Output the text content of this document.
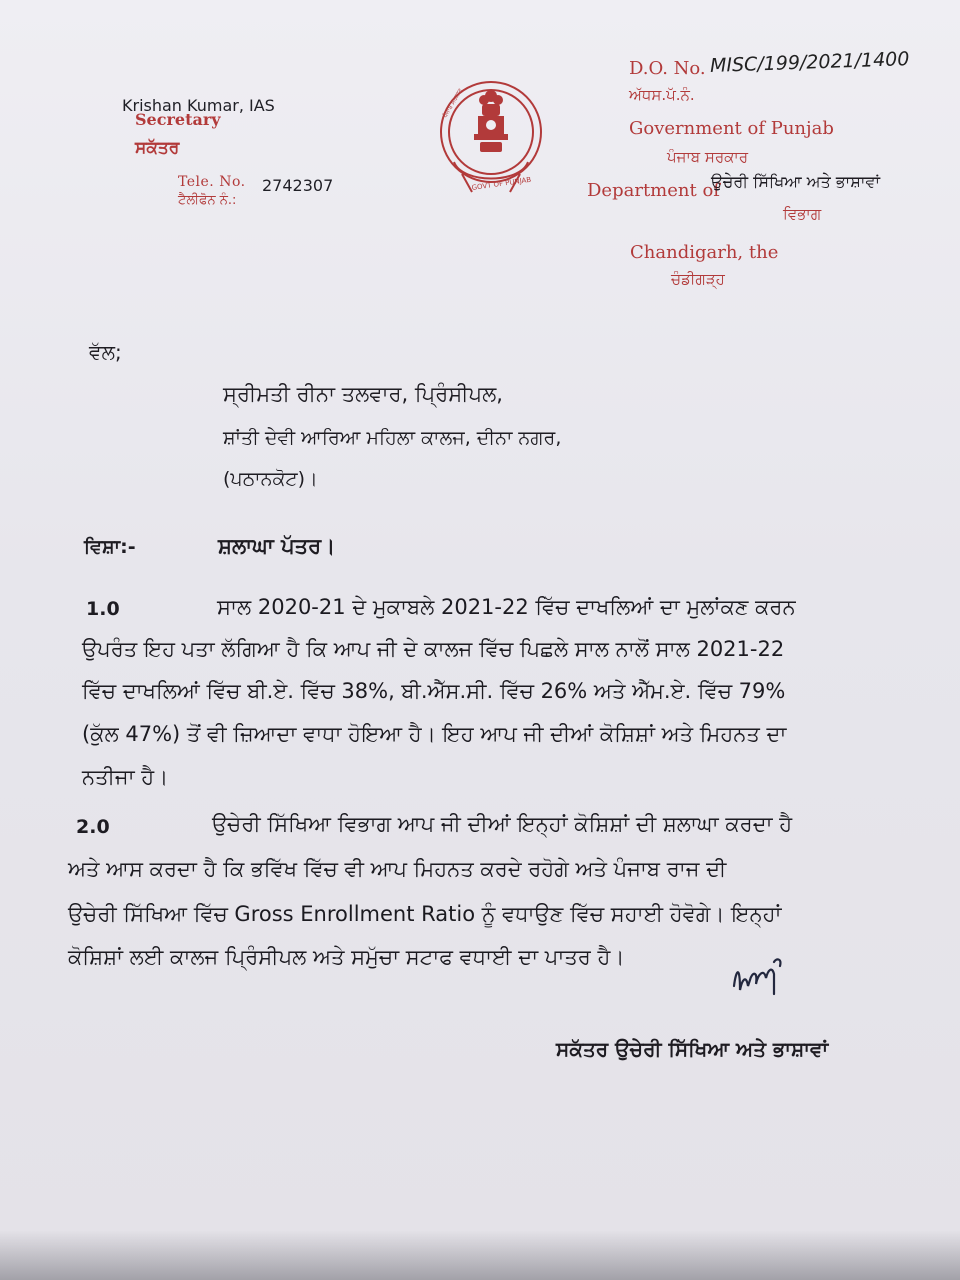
Krishan Kumar, IAS
Secretary
ਸਕੱਤਰ
Tele. No. 2742307
ਟੈਲੀਫੋਨ ਨੰ.:
ਪੰਜਾਬ ਸਰਕਾਰ
GOVT OF PUNJAB
D.O. No. MISC/199/2021/1400
ਅੱਧਸ.ਪੱ.ਨੰ.
Government of Punjab
ਪੰਜਾਬ ਸਰਕਾਰ
Department of
ਉਚੇਰੀ ਸਿੱਖਿਆ ਅਤੇ ਭਾਸ਼ਾਵਾਂ
ਵਿਭਾਗ
Chandigarh, the
ਚੰਡੀਗੜ੍ਹ
ਵੱਲ;
ਸ੍ਰੀਮਤੀ ਰੀਨਾ ਤਲਵਾਰ, ਪ੍ਰਿੰਸੀਪਲ,
ਸ਼ਾਂਤੀ ਦੇਵੀ ਆਰਿਆ ਮਹਿਲਾ ਕਾਲਜ, ਦੀਨਾ ਨਗਰ,
(ਪਠਾਨਕੋਟ)।
ਵਿਸ਼ਾ:-	ਸ਼ਲਾਘਾ ਪੱਤਰ।
1.0	ਸਾਲ 2020-21 ਦੇ ਮੁਕਾਬਲੇ 2021-22 ਵਿੱਚ ਦਾਖਲਿਆਂ ਦਾ ਮੁਲਾਂਕਣ ਕਰਨ
ਉਪਰੰਤ ਇਹ ਪਤਾ ਲੱਗਿਆ ਹੈ ਕਿ ਆਪ ਜੀ ਦੇ ਕਾਲਜ ਵਿੱਚ ਪਿਛਲੇ ਸਾਲ ਨਾਲੋਂ ਸਾਲ 2021-22
ਵਿੱਚ ਦਾਖਲਿਆਂ ਵਿੱਚ ਬੀ.ਏ. ਵਿੱਚ 38%, ਬੀ.ਐੱਸ.ਸੀ. ਵਿੱਚ 26% ਅਤੇ ਐੱਮ.ਏ. ਵਿੱਚ 79%
(ਕੁੱਲ 47%) ਤੋਂ ਵੀ ਜ਼ਿਆਦਾ ਵਾਧਾ ਹੋਇਆ ਹੈ। ਇਹ ਆਪ ਜੀ ਦੀਆਂ ਕੋਸ਼ਿਸ਼ਾਂ ਅਤੇ ਮਿਹਨਤ ਦਾ
ਨਤੀਜਾ ਹੈ।
2.0	ਉਚੇਰੀ ਸਿੱਖਿਆ ਵਿਭਾਗ ਆਪ ਜੀ ਦੀਆਂ ਇਨ੍ਹਾਂ ਕੋਸ਼ਿਸ਼ਾਂ ਦੀ ਸ਼ਲਾਘਾ ਕਰਦਾ ਹੈ
ਅਤੇ ਆਸ ਕਰਦਾ ਹੈ ਕਿ ਭਵਿੱਖ ਵਿੱਚ ਵੀ ਆਪ ਮਿਹਨਤ ਕਰਦੇ ਰਹੋਗੇ ਅਤੇ ਪੰਜਾਬ ਰਾਜ ਦੀ
ਉਚੇਰੀ ਸਿੱਖਿਆ ਵਿੱਚ Gross Enrollment Ratio ਨੂੰ ਵਧਾਉਣ ਵਿੱਚ ਸਹਾਈ ਹੋਵੋਗੇ। ਇਨ੍ਹਾਂ
ਕੋਸ਼ਿਸ਼ਾਂ ਲਈ ਕਾਲਜ ਪ੍ਰਿੰਸੀਪਲ ਅਤੇ ਸਮੁੱਚਾ ਸਟਾਫ ਵਧਾਈ ਦਾ ਪਾਤਰ ਹੈ।
ਸਕੱਤਰ ਉਚੇਰੀ ਸਿੱਖਿਆ ਅਤੇ ਭਾਸ਼ਾਵਾਂ
